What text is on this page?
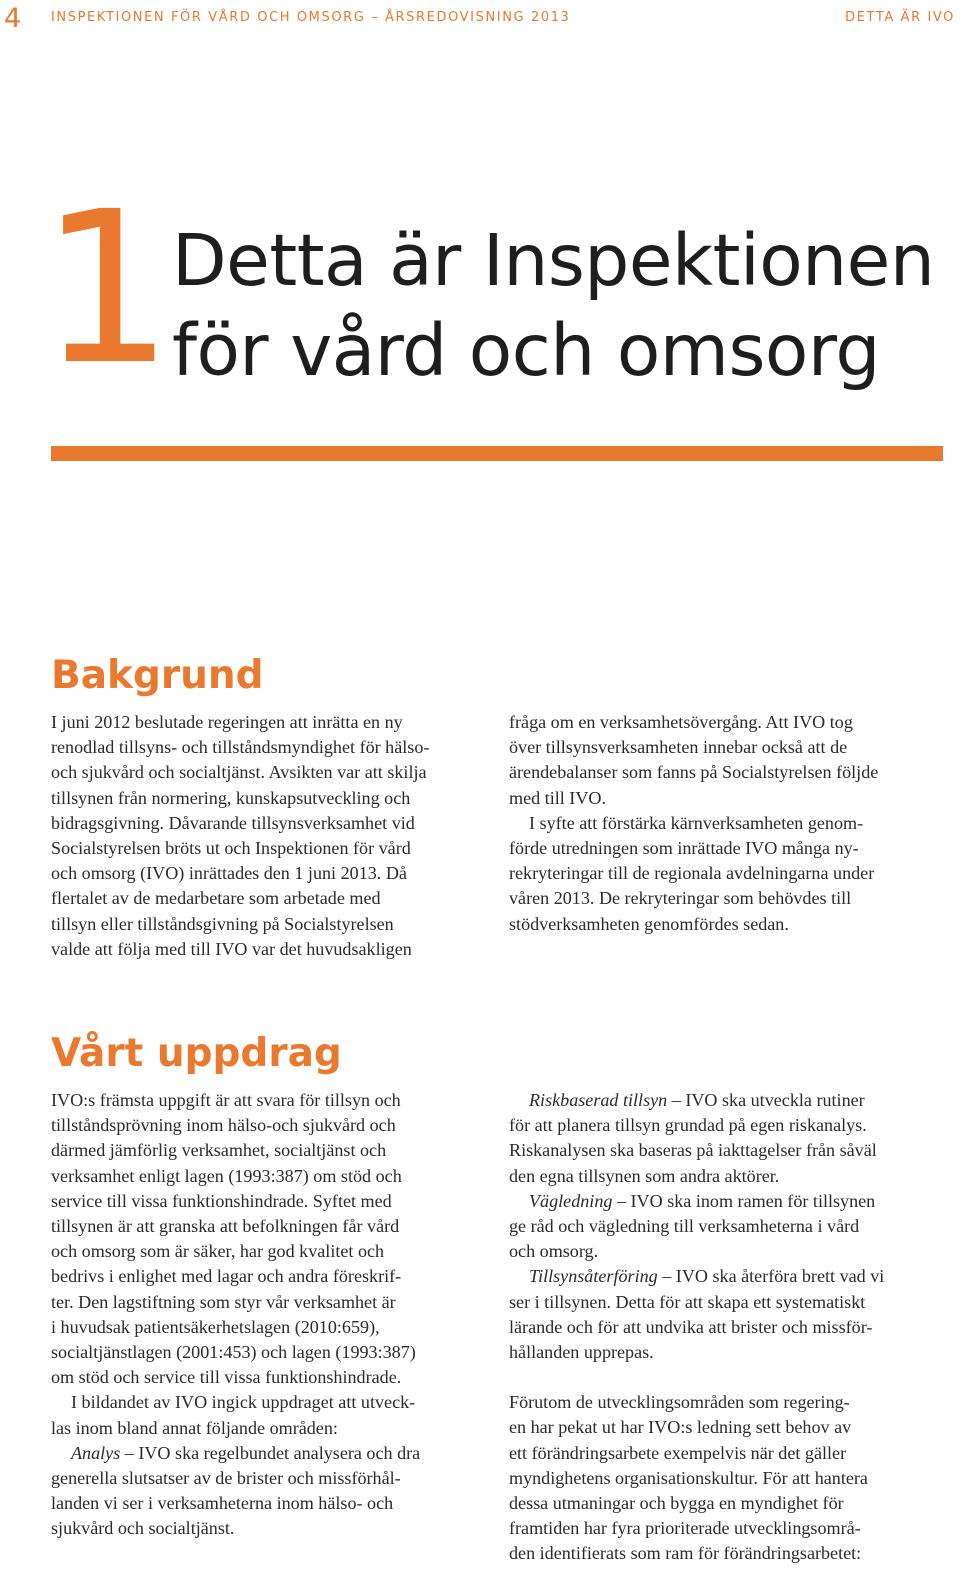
4 INSPEKTIONEN FÖR VÅRD OCH OMSORG – ÅRSREDOVISNING 2013	DETTA ÄR IVO
1 Detta är Inspektionen
för vård och omsorg
Bakgrund

I juni 2012 beslutade regeringen att inrätta en ny
renodlad tillsyns- och tillståndsmyndighet för hälso-
och sjukvård och socialtjänst. Avsikten var att skilja
tillsynen från normering, kunskapsutveckling och
bidragsgivning. Dåvarande tillsynsverksamhet vid
Socialstyrelsen bröts ut och Inspektionen för vård
och omsorg (IVO) inrättades den 1 juni 2013. Då
flertalet av de medarbetare som arbetade med
tillsyn eller tillståndsgivning på Socialstyrelsen
valde att följa med till IVO var det huvudsakligen

fråga om en verksamhetsövergång. Att IVO tog
över tillsynsverksamheten innebar också att de
ärendebalanser som fanns på Socialstyrelsen följde
med till IVO.

I syfte att förstärka kärnverksamheten genom-
förde utredningen som inrättade IVO många ny-
rekryteringar till de regionala avdelningarna under
våren 2013. De rekryteringar som behövdes till
stödverksamheten genomfördes sedan.

Vårt uppdrag

IVO:s främsta uppgift är att svara för tillsyn och
tillståndsprövning inom hälso-och sjukvård och
därmed jämförlig verksamhet, socialtjänst och
verksamhet enligt lagen (1993:387) om stöd och
service till vissa funktionshindrade. Syftet med
tillsynen är att granska att befolkningen får vård
och omsorg som är säker, har god kvalitet och
bedrivs i enlighet med lagar och andra föreskrif-
ter. Den lagstiftning som styr vår verksamhet är
i huvudsak patientsäkerhetslagen (2010:659),
socialtjänstlagen (2001:453) och lagen (1993:387)
om stöd och service till vissa funktionshindrade.

I bildandet av IVO ingick uppdraget att utveck-
las inom bland annat följande områden:

Analys – IVO ska regelbundet analysera och dra
generella slutsatser av de brister och missförhål-
landen vi ser i verksamheterna inom hälso- och
sjukvård och socialtjänst.

Riskbaserad tillsyn – IVO ska utveckla rutiner
för att planera tillsyn grundad på egen riskanalys.
Riskanalysen ska baseras på iakttagelser från såväl
den egna tillsynen som andra aktörer.

Vägledning – IVO ska inom ramen för tillsynen
ge råd och vägledning till verksamheterna i vård
och omsorg.

Tillsynsåterföring – IVO ska återföra brett vad vi
ser i tillsynen. Detta för att skapa ett systematiskt
lärande och för att undvika att brister och missför-
hållanden upprepas.

Förutom de utvecklingsområden som regering-
en har pekat ut har IVO:s ledning sett behov av
ett förändringsarbete exempelvis när det gäller
myndighetens organisationskultur. För att hantera
dessa utmaningar och bygga en myndighet för
framtiden har fyra prioriterade utvecklingsområ-
den identifierats som ram för förändringsarbetet:
